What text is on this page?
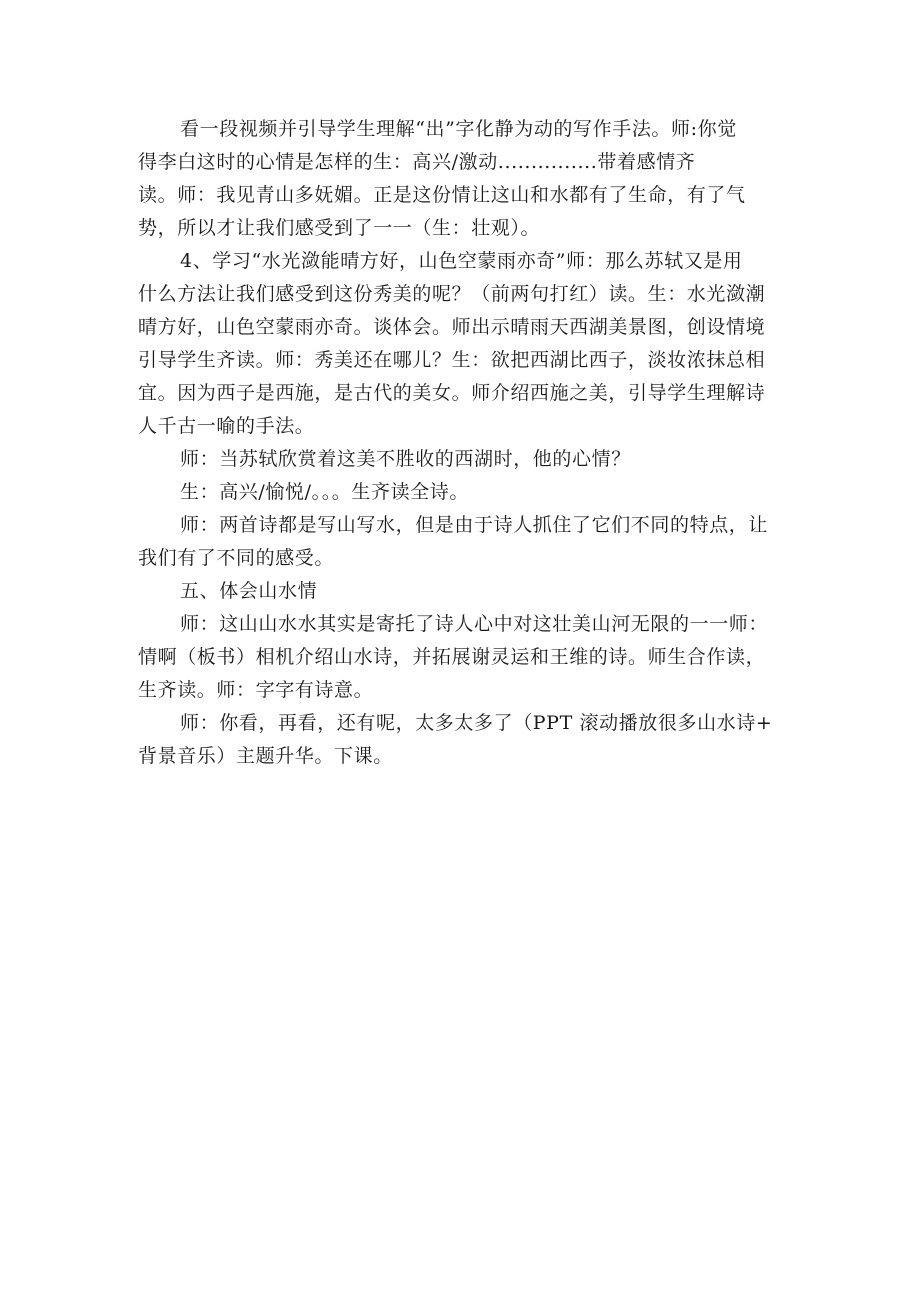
看一段视频并引导学生理解“出”字化静为动的写作手法。师:你觉
得李白这时的心情是怎样的生：高兴/激动...............带着感情齐
读。师：我见青山多妩媚。正是这份情让这山和水都有了生命，有了气
势，所以才让我们感受到了一一（生：壮观）。
4、学习“水光潋能晴方好，山色空蒙雨亦奇”师：那么苏轼又是用
什么方法让我们感受到这份秀美的呢？（前两句打红）读。生：水光潋潮
晴方好，山色空蒙雨亦奇。谈体会。师出示晴雨天西湖美景图，创设情境
引导学生齐读。师：秀美还在哪儿？生：欲把西湖比西子，淡妆浓抹总相
宜。因为西子是西施，是古代的美女。师介绍西施之美，引导学生理解诗
人千古一喻的手法。
师：当苏轼欣赏着这美不胜收的西湖时，他的心情？
生：高兴/愉悦/。。。生齐读全诗。
师：两首诗都是写山写水，但是由于诗人抓住了它们不同的特点，让
我们有了不同的感受。
五、体会山水情
师：这山山水水其实是寄托了诗人心中对这壮美山河无限的一一师：
情啊（板书）相机介绍山水诗，并拓展谢灵运和王维的诗。师生合作读，
生齐读。师：字字有诗意。
师：你看，再看，还有呢，太多太多了（PPT 滚动播放很多山水诗+
背景音乐）主题升华。下课。
